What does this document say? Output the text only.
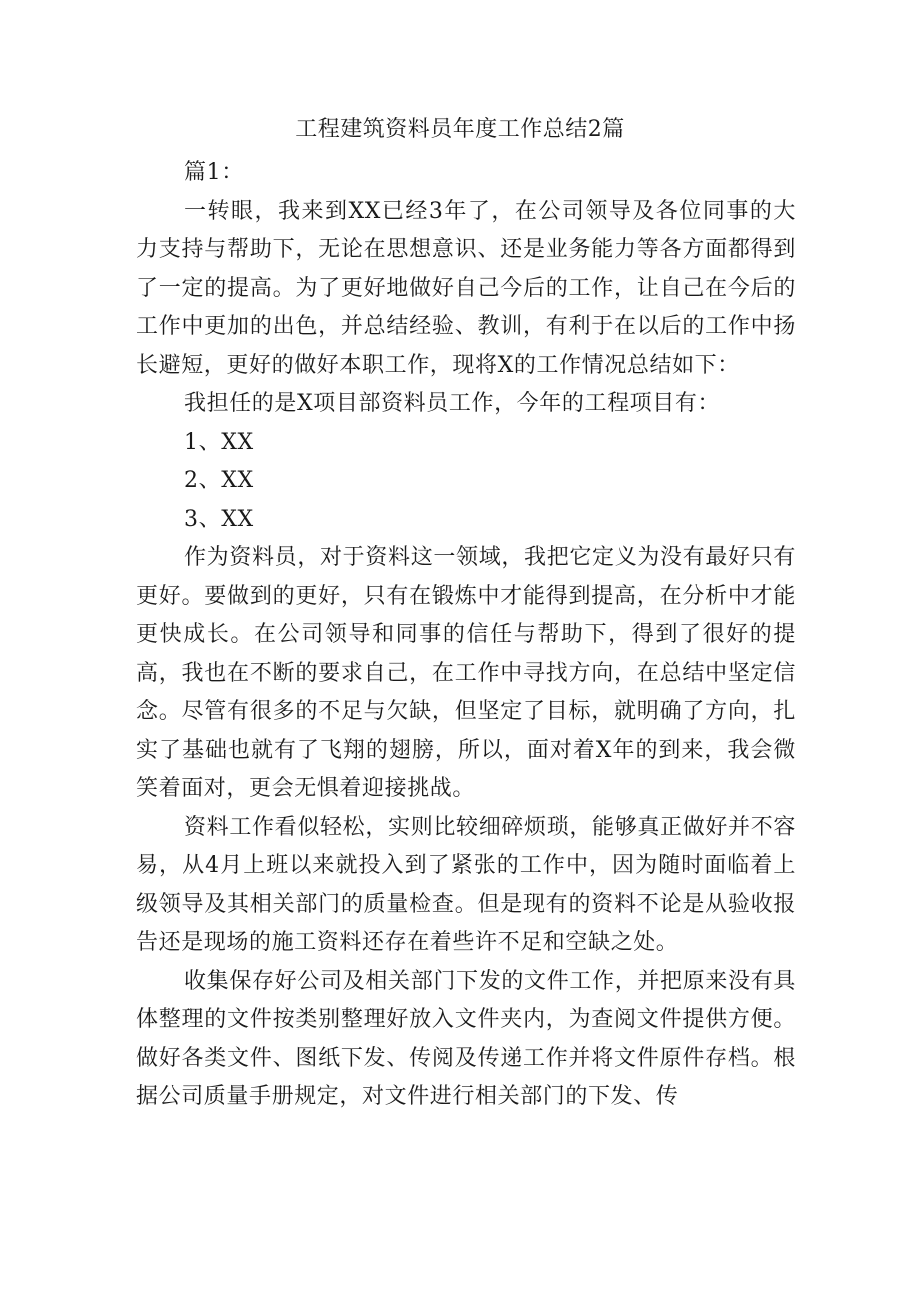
工程建筑资料员年度工作总结2篇

篇1：

一转眼，我来到XX已经3年了，在公司领导及各位同事的大力支持与帮助下，无论在思想意识、还是业务能力等各方面都得到了一定的提高。为了更好地做好自己今后的工作，让自己在今后的工作中更加的出色，并总结经验、教训，有利于在以后的工作中扬长避短，更好的做好本职工作，现将X的工作情况总结如下：

我担任的是X项目部资料员工作，今年的工程项目有：

1、XX

2、XX

3、XX

作为资料员，对于资料这一领域，我把它定义为没有最好只有更好。要做到的更好，只有在锻炼中才能得到提高，在分析中才能更快成长。在公司领导和同事的信任与帮助下，得到了很好的提高，我也在不断的要求自己，在工作中寻找方向，在总结中坚定信念。尽管有很多的不足与欠缺，但坚定了目标，就明确了方向，扎实了基础也就有了飞翔的翅膀，所以，面对着X年的到来，我会微笑着面对，更会无惧着迎接挑战。

资料工作看似轻松，实则比较细碎烦琐，能够真正做好并不容易，从4月上班以来就投入到了紧张的工作中，因为随时面临着上级领导及其相关部门的质量检查。但是现有的资料不论是从验收报告还是现场的施工资料还存在着些许不足和空缺之处。

收集保存好公司及相关部门下发的文件工作，并把原来没有具体整理的文件按类别整理好放入文件夹内，为查阅文件提供方便。做好各类文件、图纸下发、传阅及传递工作并将文件原件存档。根据公司质量手册规定，对文件进行相关部门的下发、传
